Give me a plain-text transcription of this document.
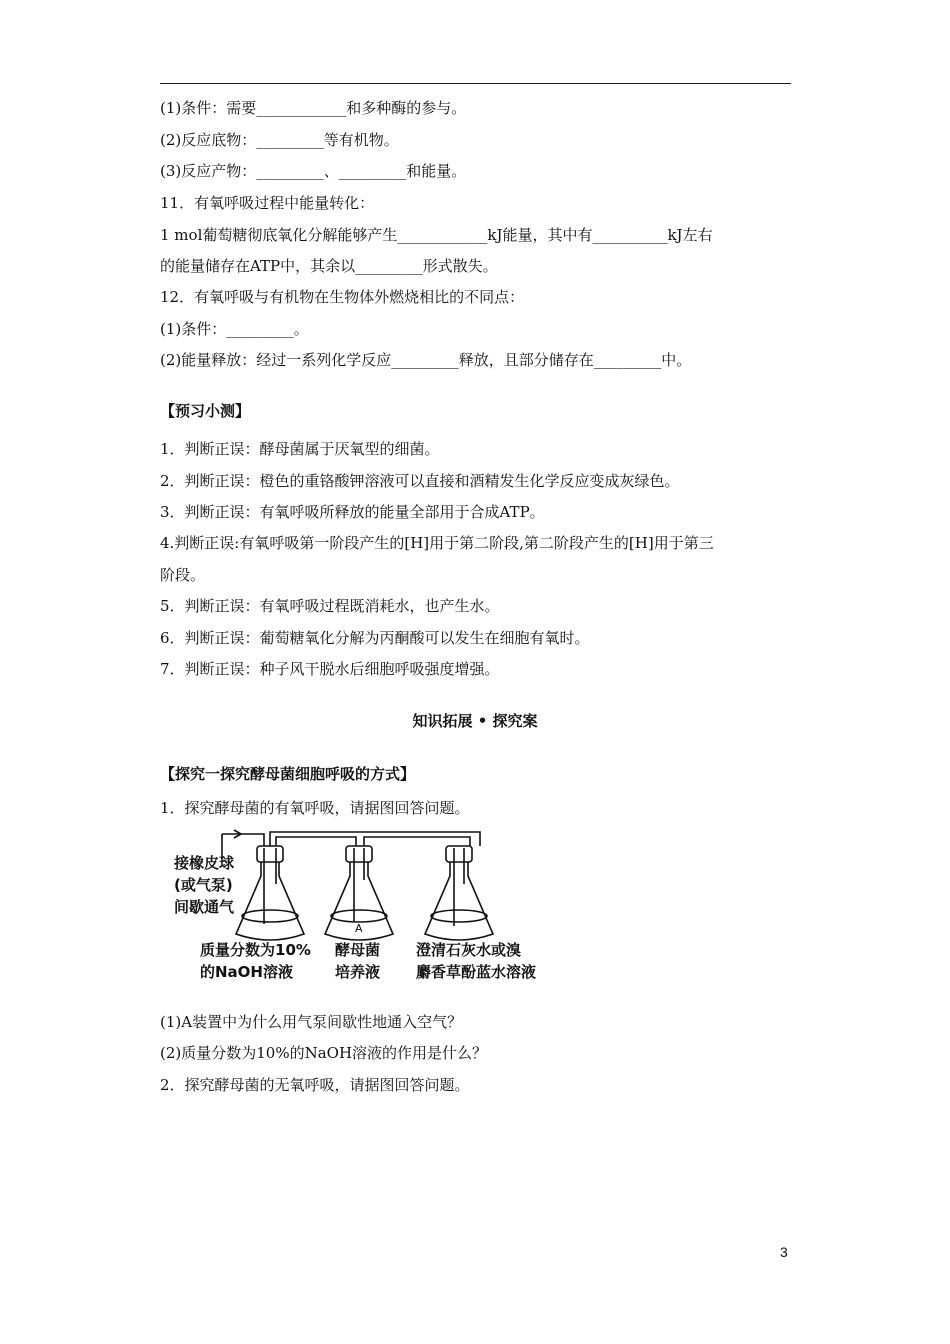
(1)条件：需要____________和多种酶的参与。
(2)反应底物：_________等有机物。
(3)反应产物：_________、_________和能量。
11．有氧呼吸过程中能量转化：
1 mol葡萄糖彻底氧化分解能够产生____________kJ能量，其中有__________kJ左右
的能量储存在ATP中，其余以_________形式散失。
12．有氧呼吸与有机物在生物体外燃烧相比的不同点：
(1)条件：_________。
(2)能量释放：经过一系列化学反应_________释放，且部分储存在_________中。
【预习小测】
1．判断正误：酵母菌属于厌氧型的细菌。
2．判断正误：橙色的重铬酸钾溶液可以直接和酒精发生化学反应变成灰绿色。
3．判断正误：有氧呼吸所释放的能量全部用于合成ATP。
4.判断正误:有氧呼吸第一阶段产生的[H]用于第二阶段,第二阶段产生的[H]用于第三
阶段。
5．判断正误：有氧呼吸过程既消耗水，也产生水。
6．判断正误：葡萄糖氧化分解为丙酮酸可以发生在细胞有氧时。
7．判断正误：种子风干脱水后细胞呼吸强度增强。
知识拓展 • 探究案
【探究一探究酵母菌细胞呼吸的方式】
1．探究酵母菌的有氧呼吸，请据图回答问题。
接橡皮球
(或气泵)
间歇通气
A
质量分数为10%
的NaOH溶液
酵母菌
培养液
澄清石灰水或溴
麝香草酚蓝水溶液
(1)A装置中为什么用气泵间歇性地通入空气？
(2)质量分数为10%的NaOH溶液的作用是什么？
2．探究酵母菌的无氧呼吸，请据图回答问题。
3
